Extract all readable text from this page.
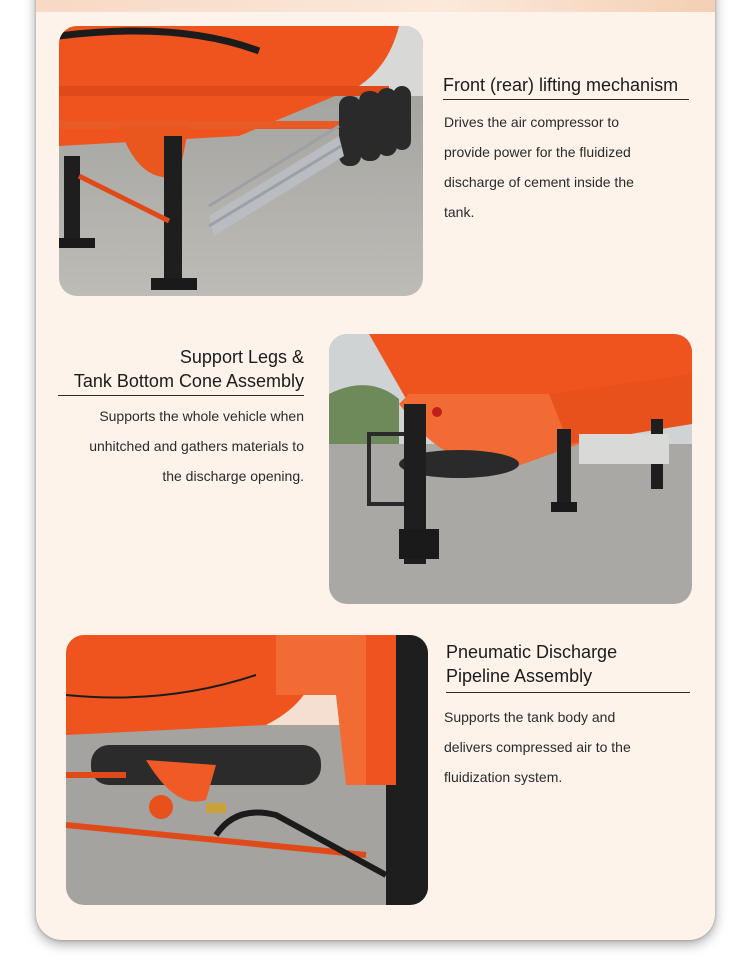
Front (rear) lifting mechanism
Drives the air compressor to
provide power for the fluidized
discharge of cement inside the
tank.
Support Legs &
Tank Bottom Cone Assembly
Supports the whole vehicle when
unhitched and gathers materials to
the discharge opening.
Pneumatic Discharge
Pipeline Assembly
Supports the tank body and
delivers compressed air to the
fluidization system.
